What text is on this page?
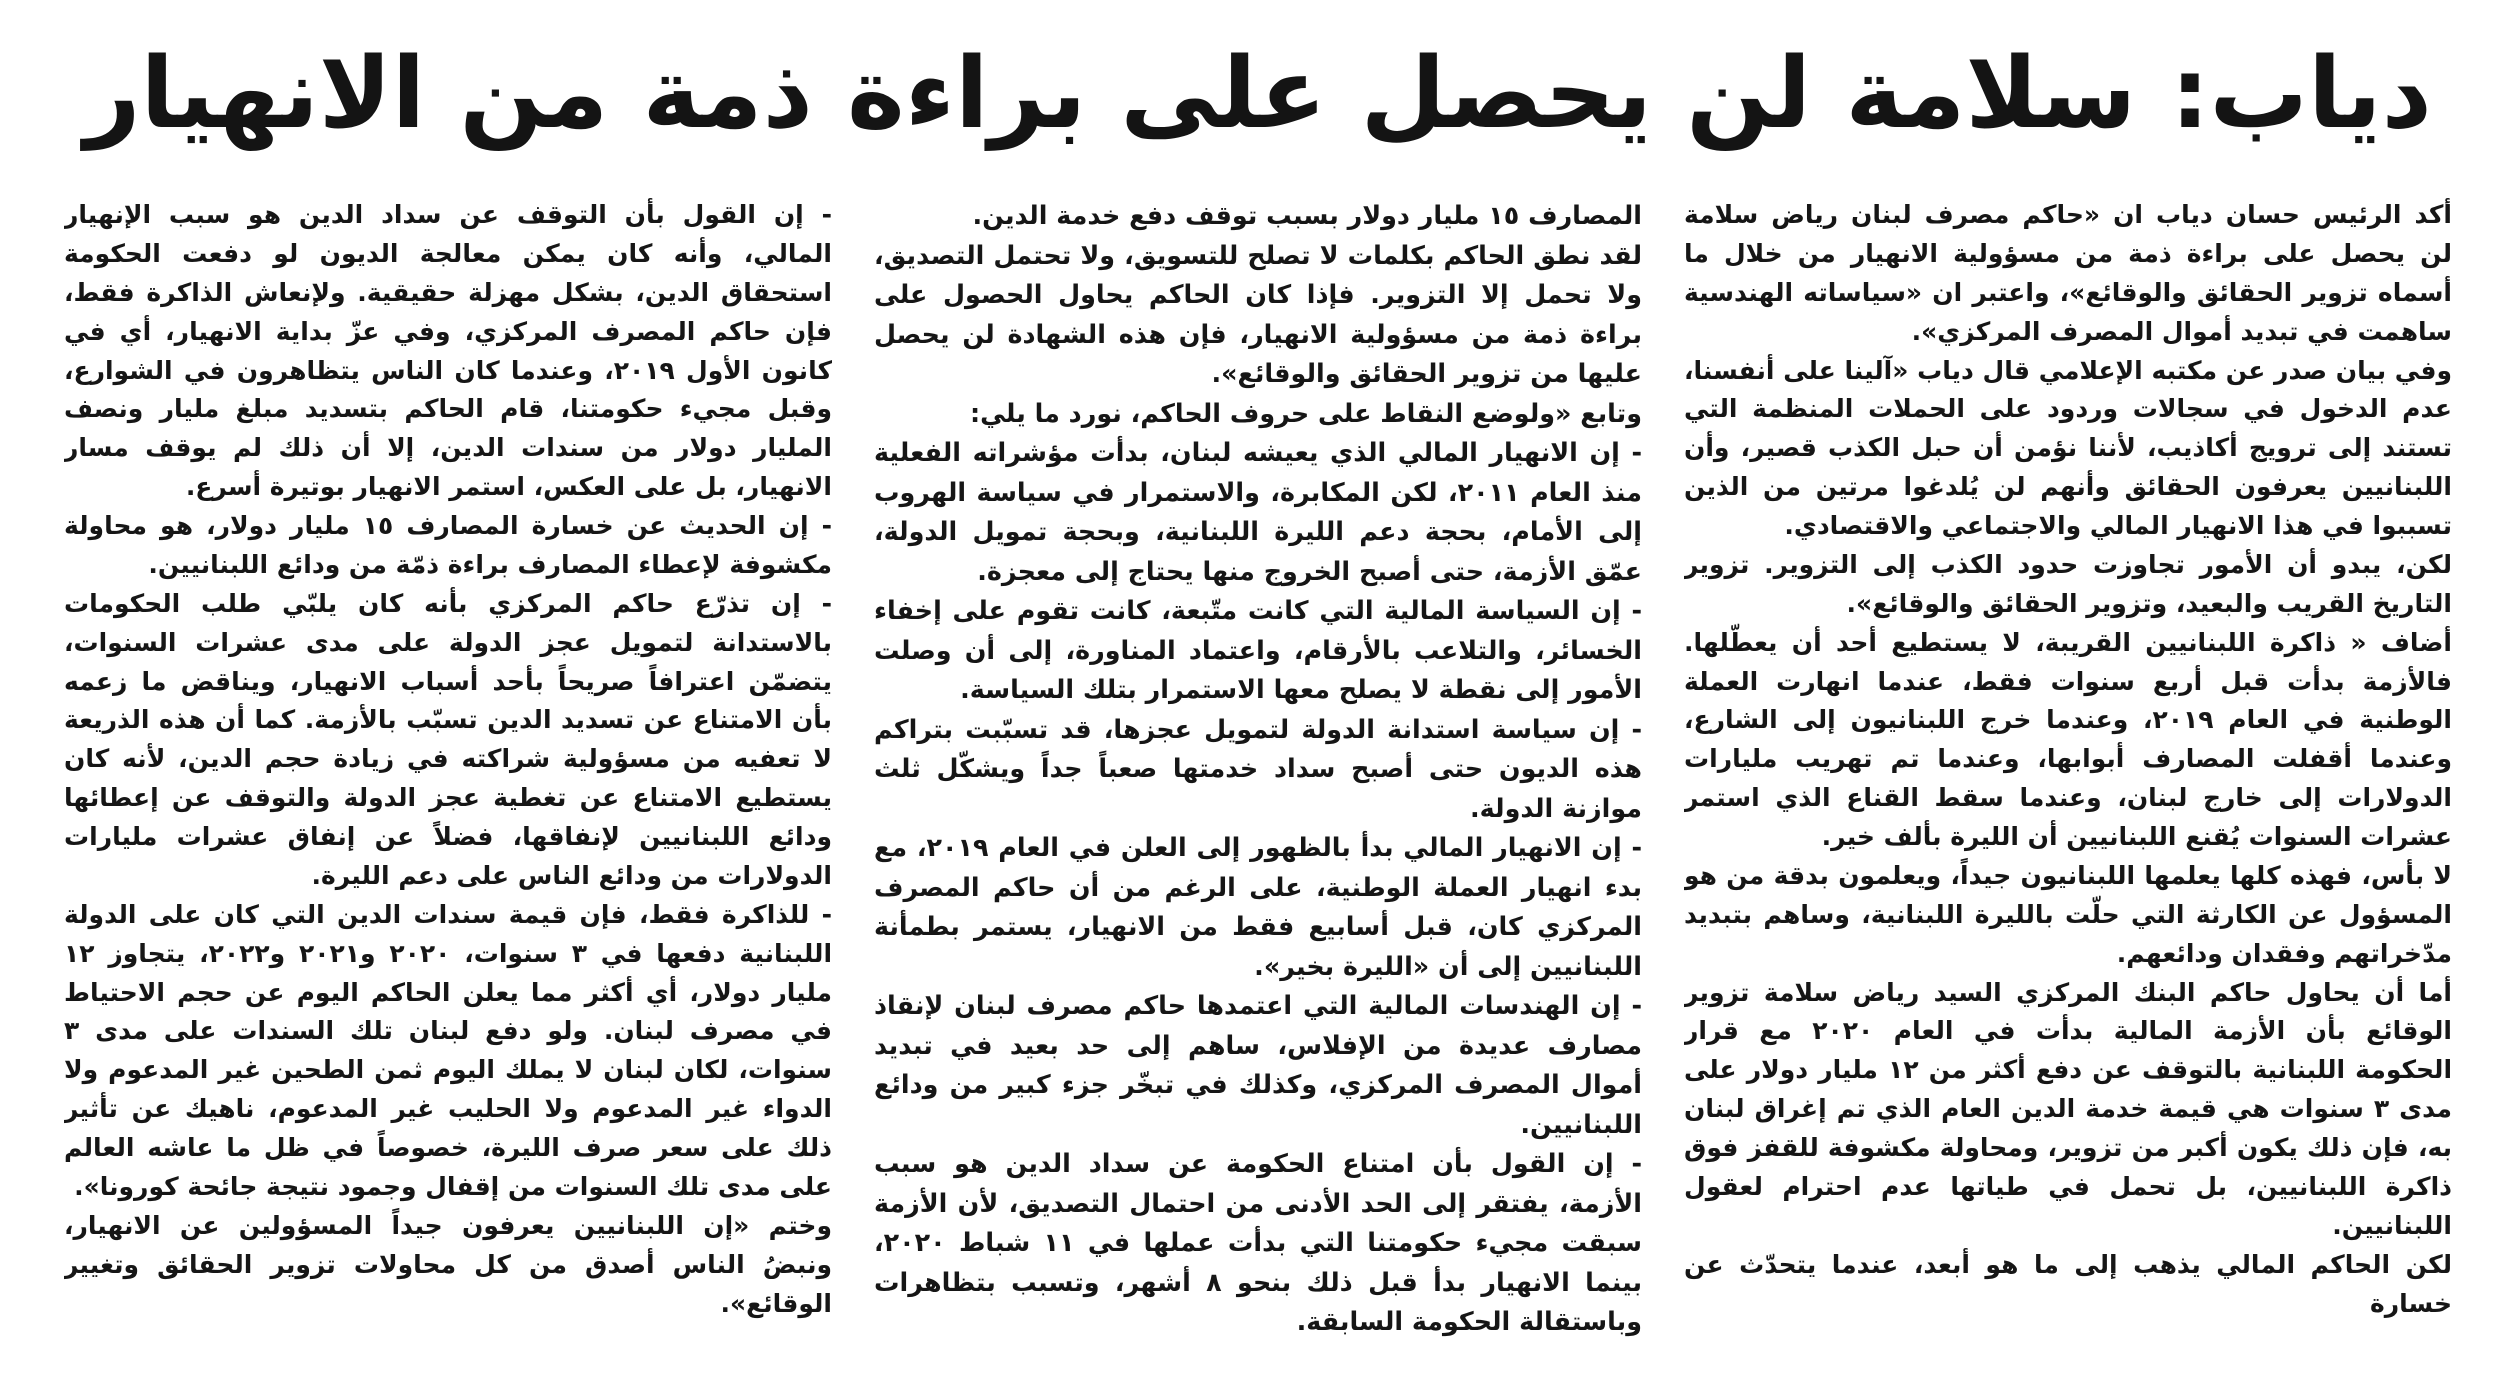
دياب: سلامة لن يحصل على براءة ذمة من الانهيار

أكد الرئيس حسان دياب ان «حاكم مصرف لبنان رياض سلامة لن يحصل على براءة ذمة من مسؤولية الانهيار من خلال ما أسماه تزوير الحقائق والوقائع»، واعتبر ان «سياساته الهندسية ساهمت في تبديد أموال المصرف المركزي».

وفي بيان صدر عن مكتبه الإعلامي قال دياب «آلينا على أنفسنا، عدم الدخول في سجالات وردود على الحملات المنظمة التي تستند إلى ترويج أكاذيب، لأننا نؤمن أن حبل الكذب قصير، وأن اللبنانيين يعرفون الحقائق وأنهم لن يُلدغوا مرتين من الذين تسببوا في هذا الانهيار المالي والاجتماعي والاقتصادي.

لكن، يبدو أن الأمور تجاوزت حدود الكذب إلى التزوير. تزوير التاريخ القريب والبعيد، وتزوير الحقائق والوقائع».

أضاف « ذاكرة اللبنانيين القريبة، لا يستطيع أحد أن يعطّلها. فالأزمة بدأت قبل أربع سنوات فقط، عندما انهارت العملة الوطنية في العام ٢٠١٩، وعندما خرج اللبنانيون إلى الشارع، وعندما أقفلت المصارف أبوابها، وعندما تم تهريب مليارات الدولارات إلى خارج لبنان، وعندما سقط القناع الذي استمر عشرات السنوات يُقنع اللبنانيين أن الليرة بألف خير.

لا بأس، فهذه كلها يعلمها اللبنانيون جيداً، ويعلمون بدقة من هو المسؤول عن الكارثة التي حلّت بالليرة اللبنانية، وساهم بتبديد مدّخراتهم وفقدان ودائعهم.

أما أن يحاول حاكم البنك المركزي السيد رياض سلامة تزوير الوقائع بأن الأزمة المالية بدأت في العام ٢٠٢٠ مع قرار الحكومة اللبنانية بالتوقف عن دفع أكثر من ١٢ مليار دولار على مدى ٣ سنوات هي قيمة خدمة الدين العام الذي تم إغراق لبنان به، فإن ذلك يكون أكبر من تزوير، ومحاولة مكشوفة للقفز فوق ذاكرة اللبنانيين، بل تحمل في طياتها عدم احترام لعقول اللبنانيين.

لكن الحاكم المالي يذهب إلى ما هو أبعد، عندما يتحدّث عن خسارة

المصارف ١٥ مليار دولار بسبب توقف دفع خدمة الدين.

لقد نطق الحاكم بكلمات لا تصلح للتسويق، ولا تحتمل التصديق، ولا تحمل إلا التزوير. فإذا كان الحاكم يحاول الحصول على براءة ذمة من مسؤولية الانهيار، فإن هذه الشهادة لن يحصل عليها من تزوير الحقائق والوقائع».

وتابع «ولوضع النقاط على حروف الحاكم، نورد ما يلي:

- إن الانهيار المالي الذي يعيشه لبنان، بدأت مؤشراته الفعلية منذ العام ٢٠١١، لكن المكابرة، والاستمرار في سياسة الهروب إلى الأمام، بحجة دعم الليرة اللبنانية، وبحجة تمويل الدولة، عمّق الأزمة، حتى أصبح الخروج منها يحتاج إلى معجزة.

- إن السياسة المالية التي كانت متّبعة، كانت تقوم على إخفاء الخسائر، والتلاعب بالأرقام، واعتماد المناورة، إلى أن وصلت الأمور إلى نقطة لا يصلح معها الاستمرار بتلك السياسة.

- إن سياسة استدانة الدولة لتمويل عجزها، قد تسبّبت بتراكم هذه الديون حتى أصبح سداد خدمتها صعباً جداً ويشكّل ثلث موازنة الدولة.

- إن الانهيار المالي بدأ بالظهور إلى العلن في العام ٢٠١٩، مع بدء انهيار العملة الوطنية، على الرغم من أن حاكم المصرف المركزي كان، قبل أسابيع فقط من الانهيار، يستمر بطمأنة اللبنانيين إلى أن «الليرة بخير».

- إن الهندسات المالية التي اعتمدها حاكم مصرف لبنان لإنقاذ مصارف عديدة من الإفلاس، ساهم إلى حد بعيد في تبديد أموال المصرف المركزي، وكذلك في تبخّر جزء كبير من ودائع اللبنانيين.

- إن القول بأن امتناع الحكومة عن سداد الدين هو سبب الأزمة، يفتقر إلى الحد الأدنى من احتمال التصديق، لأن الأزمة سبقت مجيء حكومتنا التي بدأت عملها في ١١ شباط ٢٠٢٠، بينما الانهيار بدأ قبل ذلك بنحو ٨ أشهر، وتسبب بتظاهرات وباستقالة الحكومة السابقة.

- إن القول بأن التوقف عن سداد الدين هو سبب الإنهيار المالي، وأنه كان يمكن معالجة الديون لو دفعت الحكومة استحقاق الدين، بشكل مهزلة حقيقية. ولإنعاش الذاكرة فقط، فإن حاكم المصرف المركزي، وفي عزّ بداية الانهيار، أي في كانون الأول ٢٠١٩، وعندما كان الناس يتظاهرون في الشوارع، وقبل مجيء حكومتنا، قام الحاكم بتسديد مبلغ مليار ونصف المليار دولار من سندات الدين، إلا أن ذلك لم يوقف مسار الانهيار، بل على العكس، استمر الانهيار بوتيرة أسرع.

- إن الحديث عن خسارة المصارف ١٥ مليار دولار، هو محاولة مكشوفة لإعطاء المصارف براءة ذمّة من ودائع اللبنانيين.

- إن تذرّع حاكم المركزي بأنه كان يلبّي طلب الحكومات بالاستدانة لتمويل عجز الدولة على مدى عشرات السنوات، يتضمّن اعترافاً صريحاً بأحد أسباب الانهيار، ويناقض ما زعمه بأن الامتناع عن تسديد الدين تسبّب بالأزمة. كما أن هذه الذريعة لا تعفيه من مسؤولية شراكته في زيادة حجم الدين، لأنه كان يستطيع الامتناع عن تغطية عجز الدولة والتوقف عن إعطائها ودائع اللبنانيين لإنفاقها، فضلاً عن إنفاق عشرات مليارات الدولارات من ودائع الناس على دعم الليرة.

- للذاكرة فقط، فإن قيمة سندات الدين التي كان على الدولة اللبنانية دفعها في ٣ سنوات، ٢٠٢٠ و٢٠٢١ و٢٠٢٢، يتجاوز ١٢ مليار دولار، أي أكثر مما يعلن الحاكم اليوم عن حجم الاحتياط في مصرف لبنان. ولو دفع لبنان تلك السندات على مدى ٣ سنوات، لكان لبنان لا يملك اليوم ثمن الطحين غير المدعوم ولا الدواء غير المدعوم ولا الحليب غير المدعوم، ناهيك عن تأثير ذلك على سعر صرف الليرة، خصوصاً في ظل ما عاشه العالم على مدى تلك السنوات من إقفال وجمود نتيجة جائحة كورونا».

وختم «إن اللبنانيين يعرفون جيداً المسؤولين عن الانهيار، ونبضُ الناس أصدق من كل محاولات تزوير الحقائق وتغيير الوقائع».
